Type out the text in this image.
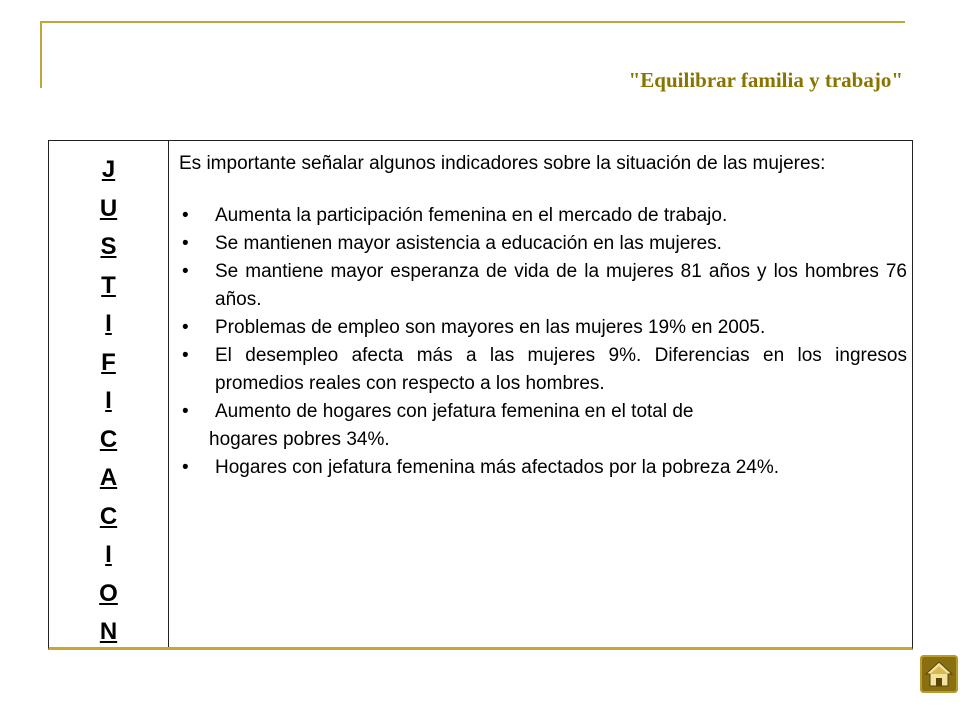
"Equilibrar familia y trabajo"
J
U
S
T
I
F
I
C
A
C
I
O
N

Es importante señalar algunos indicadores sobre la situación de las mujeres:

• Aumenta la participación femenina en el mercado de trabajo.
• Se mantienen mayor asistencia a educación en las mujeres.
• Se mantiene mayor esperanza de vida de la mujeres 81 años y los hombres 76 años.
• Problemas de empleo son mayores en las mujeres 19% en 2005.
• El desempleo afecta más a las mujeres 9%. Diferencias en los ingresos promedios reales con respecto a los hombres.
• Aumento de hogares con jefatura femenina en el total de
hogares pobres 34%.
• Hogares con jefatura femenina más afectados por la pobreza 24%.
